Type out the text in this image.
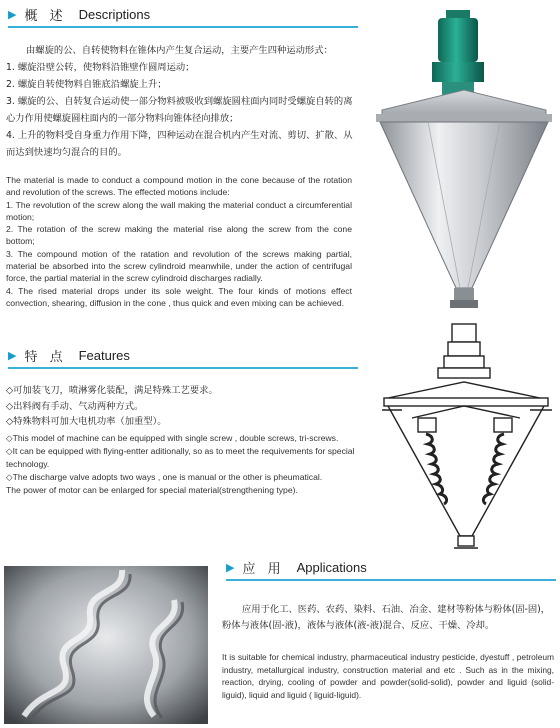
▶ 概 述 Descriptions

由螺旋的公、自转使物料在锥体内产生复合运动，主要产生四种运动形式：

1. 螺旋沿壁公转，使物料沿锥壁作圆周运动；

2. 螺旋自转使物料自锥底沿螺旋上升；

3. 螺旋的公、自转复合运动使一部分物料被吸收到螺旋圆柱面内同时受螺旋自转的离心力作用使螺旋圆柱面内的一部分物料向锥体径向排放；

4. 上升的物料受自身重力作用下降，四种运动在混合机内产生对流、剪切、扩散、从而达到快速均匀混合的目的。

The material is made to conduct a compound motion in the cone because of the rotation and revolution of the screws. The effected motions include:

1. The revolution of the screw along the wall making the material conduct a circumferential motion;

2. The rotation of the screw making the material rise along the screw from the cone bottom;

3. The compound motion of the ratation and revolution of the screws making partial, material be absorbed into the screw cylindroid meanwhile, under the action of centrifugal force, the partial material in the screw cylindroid discharges radially.

4. The rised material drops under its sole weight. The four kinds of motions effect convection, shearing, diffusion in the cone , thus quick and even mixing can be achieved.

▶ 特 点 Features

◇可加装飞刀，喷淋雾化装配，满足特殊工艺要求。

◇出料阀有手动、气动两种方式。

◇特殊物料可加大电机功率（加重型）。

◇This model of machine can be equipped with single screw , double screws, tri-screws.

◇It can be equipped with flying-entter aditionally, so as to meet the requivements for special technology.

◇The discharge valve adopts two ways , one is manual or the other is pheumatical.

The power of motor can be enlarged for special material(strengthening type).

▶ 应 用 Applications
应用于化工、医药、农药、染料、石油、冶金、建材等粉体与粉体(固-固)，粉体与液体(固-液)，液体与液体(液-液)混合、反应、干燥、冷却。
It is suitable for chemical industry, pharmaceutical industry pesticide, dyestuff , petroleum industry, metallurgical industry, construction material and etc . Such as in the mixing, reaction, drying, cooling of powder and powder(solid-solid), powder and liguid (solid-liguid), liquid and liguid ( liguid-liguid).
